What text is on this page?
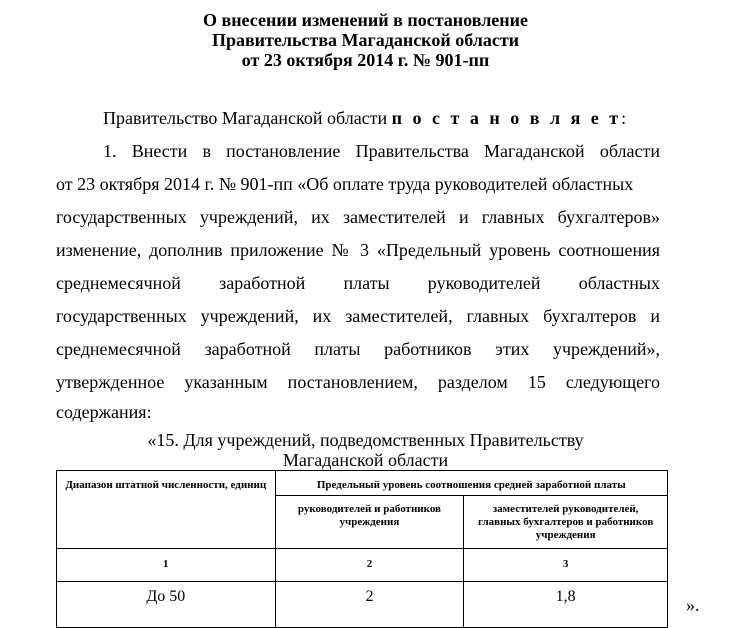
О внесении изменений в постановление
Правительства Магаданской области
от 23 октября 2014 г. № 901-пп
Правительство Магаданской области п о с т а н о в л я е т:
1. Внести в постановление Правительства Магаданской области
от 23 октября 2014 г. № 901-пп «Об оплате труда руководителей областных
государственных учреждений, их заместителей и главных бухгалтеров»
изменение, дополнив приложение № 3 «Предельный уровень соотношения
среднемесячной заработной платы руководителей областных
государственных учреждений, их заместителей, главных бухгалтеров и
среднемесячной заработной платы работников этих учреждений»,
утвержденное указанным постановлением, разделом 15 следующего
содержания:
«15. Для учреждений, подведомственных Правительству
Магаданской области
Диапазон штатной численности, единиц	Предельный уровень соотношения средней заработной платы	
	руководителей и работников учреждения	заместителей руководителей, главных бухгалтеров и работников учреждения
1	2	3
До 50	2	1,8	».
